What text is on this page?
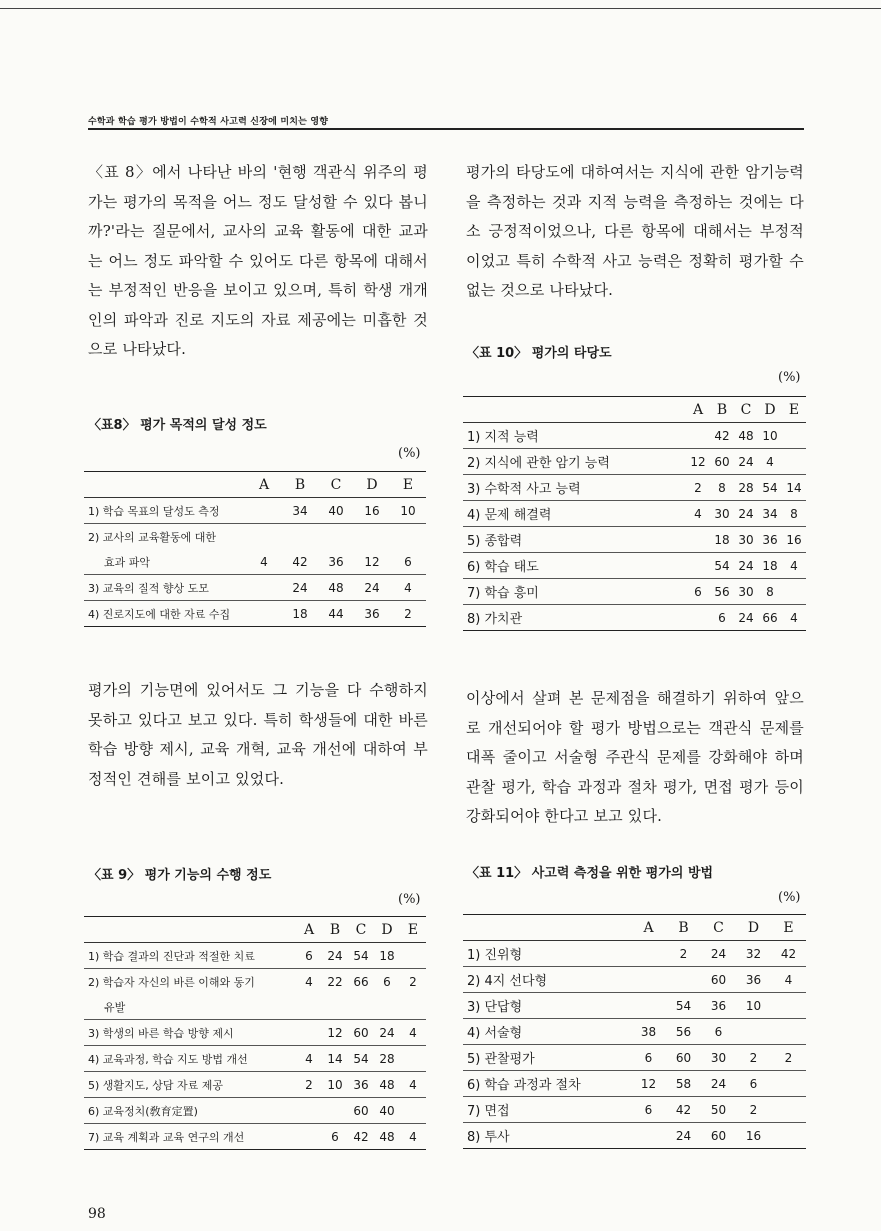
수학과 학습 평가 방법이 수학적 사고력 신장에 미치는 영향

〈표 8〉에서 나타난 바의 '현행 객관식 위주의 평가는 평가의 목적을 어느 정도 달성할 수 있다 봅니까?'라는 질문에서, 교사의 교육 활동에 대한 교과는 어느 정도 파악할 수 있어도 다른 항목에 대해서는 부정적인 반응을 보이고 있으며, 특히 학생 개개인의 파악과 진로 지도의 자료 제공에는 미흡한 것으로 나타났다.

〈표8〉 평가 목적의 달성 정도

(%)

	A	B	C	D	E
1) 학습 목표의 달성도 측정		34	40	16	10
2) 교사의 교육활동에 대한					
효과 파악	4	42	36	12	6
3) 교육의 질적 향상 도모		24	48	24	4
4) 진로지도에 대한 자료 수집		18	44	36	2

평가의 기능면에 있어서도 그 기능을 다 수행하지 못하고 있다고 보고 있다. 특히 학생들에 대한 바른 학습 방향 제시, 교육 개혁, 교육 개선에 대하여 부정적인 견해를 보이고 있었다.

〈표 9〉 평가 기능의 수행 정도

(%)

	A	B	C	D	E
1) 학습 결과의 진단과 적절한 치료	6	24	54	18	
2) 학습자 자신의 바른 이해와 동기	4	22	66	6	2
유발					
3) 학생의 바른 학습 방향 제시		12	60	24	4
4) 교육과정, 학습 지도 방법 개선	4	14	54	28	
5) 생활지도, 상담 자료 제공	2	10	36	48	4
6) 교육정치(敎育定置)			60	40	
7) 교육 계획과 교육 연구의 개선		6	42	48	4

평가의 타당도에 대하여서는 지식에 관한 암기능력을 측정하는 것과 지적 능력을 측정하는 것에는 다소 긍정적이었으나, 다른 항목에 대해서는 부정적이었고 특히 수학적 사고 능력은 정확히 평가할 수 없는 것으로 나타났다.

〈표 10〉 평가의 타당도

(%)

	A	B	C	D	E
1) 지적 능력		42	48	10	
2) 지식에 관한 암기 능력	12	60	24	4	
3) 수학적 사고 능력	2	8	28	54	14
4) 문제 해결력	4	30	24	34	8
5) 종합력		18	30	36	16
6) 학습 태도		54	24	18	4
7) 학습 흥미	6	56	30	8	
8) 가치관		6	24	66	4

이상에서 살펴 본 문제점을 해결하기 위하여 앞으로 개선되어야 할 평가 방법으로는 객관식 문제를 대폭 줄이고 서술형 주관식 문제를 강화해야 하며 관찰 평가, 학습 과정과 절차 평가, 면접 평가 등이 강화되어야 한다고 보고 있다.

〈표 11〉 사고력 측정을 위한 평가의 방법

(%)

	A	B	C	D	E
1) 진위형		2	24	32	42
2) 4지 선다형			60	36	4
3) 단답형		54	36	10	
4) 서술형	38	56	6		
5) 관찰평가	6	60	30	2	2
6) 학습 과정과 절차	12	58	24	6	
7) 면접	6	42	50	2	
8) 투사		24	60	16	
98
